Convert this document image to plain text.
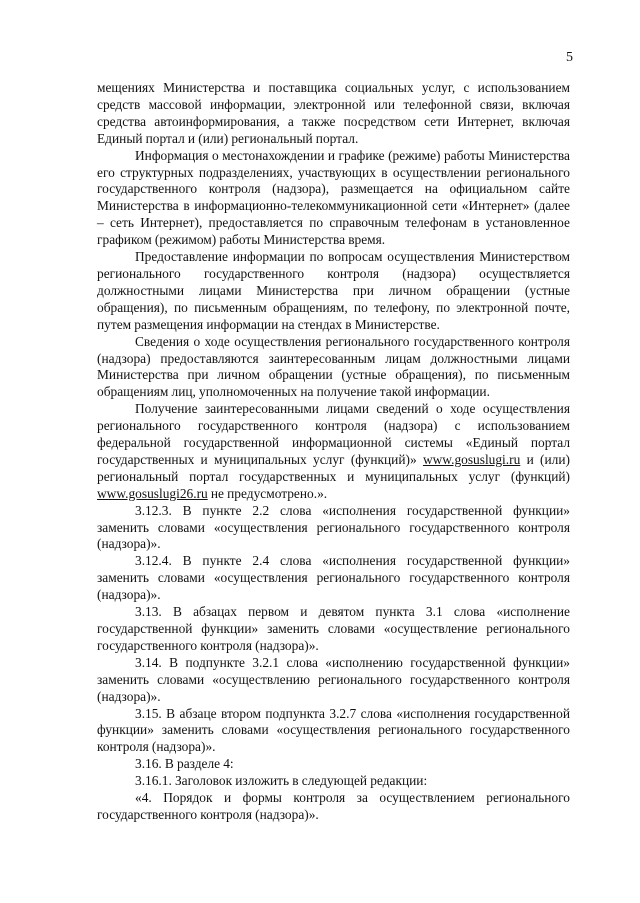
5

мещениях Министерства и поставщика социальных услуг, с использованием средств массовой информации, электронной или телефонной связи, включая средства автоинформирования, а также посредством сети Интернет, включая Единый портал и (или) региональный портал.

Информация о местонахождении и графике (режиме) работы Министерства его структурных подразделениях, участвующих в осуществлении регионального государственного контроля (надзора), размещается на официальном сайте Министерства в информационно-телекоммуникационной сети «Интернет» (далее – сеть Интернет), предоставляется по справочным телефонам в установленное графиком (режимом) работы Министерства время.

Предоставление информации по вопросам осуществления Министерством регионального государственного контроля (надзора) осуществляется должностными лицами Министерства при личном обращении (устные обращения), по письменным обращениям, по телефону, по электронной почте, путем размещения информации на стендах в Министерстве.

Сведения о ходе осуществления регионального государственного контроля (надзора) предоставляются заинтересованным лицам должностными лицами Министерства при личном обращении (устные обращения), по письменным обращениям лиц, уполномоченных на получение такой информации.

Получение заинтересованными лицами сведений о ходе осуществления регионального государственного контроля (надзора) с использованием федеральной государственной информационной системы «Единый портал государственных и муниципальных услуг (функций)» www.gosuslugi.ru и (или) региональный портал государственных и муниципальных услуг (функций) www.gosuslugi26.ru не предусмотрено.».

3.12.3. В пункте 2.2 слова «исполнения государственной функции» заменить словами «осуществления регионального государственного контроля (надзора)».

3.12.4. В пункте 2.4 слова «исполнения государственной функции» заменить словами «осуществления регионального государственного контроля (надзора)».

3.13. В абзацах первом и девятом пункта 3.1 слова «исполнение государственной функции» заменить словами «осуществление регионального государственного контроля (надзора)».

3.14. В подпункте 3.2.1 слова «исполнению государственной функции» заменить словами «осуществлению регионального государственного контроля (надзора)».

3.15. В абзаце втором подпункта 3.2.7 слова «исполнения государственной функции» заменить словами «осуществления регионального государственного контроля (надзора)».

3.16. В разделе 4:

3.16.1. Заголовок изложить в следующей редакции:

«4. Порядок и формы контроля за осуществлением регионального государственного контроля (надзора)».
